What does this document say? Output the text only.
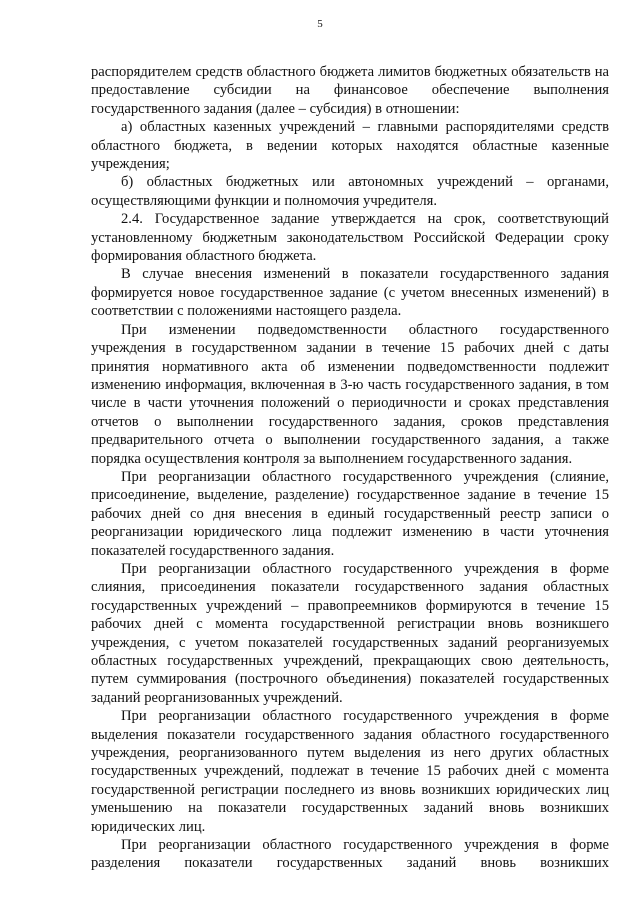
5

распорядителем средств областного бюджета лимитов бюджетных обязательств на предоставление субсидии на финансовое обеспечение выполнения государственного задания (далее – субсидия) в отношении:

а) областных казенных учреждений – главными распорядителями средств областного бюджета, в ведении которых находятся областные казенные учреждения;

б) областных бюджетных или автономных учреждений – органами, осуществляющими функции и полномочия учредителя.

2.4. Государственное задание утверждается на срок, соответствующий установленному бюджетным законодательством Российской Федерации сроку формирования областного бюджета.

В случае внесения изменений в показатели государственного задания формируется новое государственное задание (с учетом внесенных изменений) в соответствии с положениями настоящего раздела.

При изменении подведомственности областного государственного учреждения в государственном задании в течение 15 рабочих дней с даты принятия нормативного акта об изменении подведомственности подлежит изменению информация, включенная в 3-ю часть государственного задания, в том числе в части уточнения положений о периодичности и сроках представления отчетов о выполнении государственного задания, сроков представления предварительного отчета о выполнении государственного задания, а также порядка осуществления контроля за выполнением государственного задания.

При реорганизации областного государственного учреждения (слияние, присоединение, выделение, разделение) государственное задание в течение 15 рабочих дней со дня внесения в единый государственный реестр записи о реорганизации юридического лица подлежит изменению в части уточнения показателей государственного задания.

При реорганизации областного государственного учреждения в форме слияния, присоединения показатели государственного задания областных государственных учреждений – правопреемников формируются в течение 15 рабочих дней с момента государственной регистрации вновь возникшего учреждения, с учетом показателей государственных заданий реорганизуемых областных государственных учреждений, прекращающих свою деятельность, путем суммирования (построчного объединения) показателей государственных заданий реорганизованных учреждений.

При реорганизации областного государственного учреждения в форме выделения показатели государственного задания областного государственного учреждения, реорганизованного путем выделения из него других областных государственных учреждений, подлежат в течение 15 рабочих дней с момента государственной регистрации последнего из вновь возникших юридических лиц уменьшению на показатели государственных заданий вновь возникших юридических лиц.

При реорганизации областного государственного учреждения в форме разделения показатели государственных заданий вновь возникших
